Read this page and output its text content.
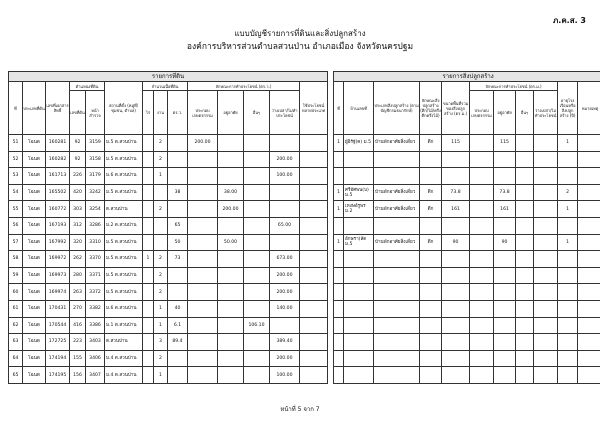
ภ.ค.ส. 3
แบบบัญชีรายการที่ดินและสิ่งปลูกสร้าง
องค์การบริหารส่วนตำบลสวนป่าน อำเภอเมือง จังหวัดนครปฐม
รายการที่ดิน															รายการสิ่งปลูกสร้าง										
ที่	ประเภทที่ดิน	เลขที่เอกสารสิทธิ์	ตำแหน่งที่ดิน		สถานที่ตั้ง (หมู่ที่/ชุมชน, ตำบล)	จำนวนเนื้อที่ดิน			ลักษณะการทำประโยชน์ (ตร.ว.)				ใช้ประโยชน์หลายประเภท		ที่	บ้านเลขที่	ประเภทสิ่งปลูกสร้าง (ตามบัญชีกรมธนารักษ์)	ลักษณะสิ่งปลูกสร้าง (ตึก/ไม้/ครึ่งตึกครึ่งไม้)	ขนาดพื้นที่รวมของสิ่งปลูกสร้าง (ตร.ม.)	ลักษณะการทำประโยชน์ (ตร.ม.)				อายุโรงเรือนหรือสิ่งปลูกสร้าง (ปี)	หมายเหตุ
			เลขที่ดิน	หน้าสำรวจ		ไร่	งาน	ตร.ว.	ประกอบเกษตรกรรม	อยู่อาศัย	อื่นๆ	ว่างเปล่า/ไม่ทำประโยชน์								ประกอบเกษตรกรรม	อยู่อาศัย	อื่นๆ	ว่างเปล่า/ไม่ทำประโยชน์		
51	โฉนด	160281	92	3159	ม.5 ต.สวนป่าน		2		200.00						1	ผู้อิรัฐ๋(ค) ม.5	บ้านพักอาศัยสิ่งเดี่ยว	ตึก	115		115			1	
52	โฉนด	160282	92	3158	ม.5 ต.สวนป่าน		2					200.00													
53	โฉนด	161713	226	3179	ม.6 ต.สวนป่าน		1					100.00													
54	โฉนด	165502	420	3242	ม.5 ต.สวนป่าน			38		38.00					1	ศรีอัศพน(บ) ม.5	บ้านพักอาศัยสิ่งเดี่ยว	ตึก	73.8		73.8			2	
55	โฉนด	160772	303	3254	ต.สวนป่าน		2			200.00					1	เหงษอ์รูพร ม.2	บ้านพักอาศัยสิ่งเดี่ยว	ตึก	161		161			1	
56	โฉนด	167193	312	3286	ม.2 ต.สวนป่าน			65				65.00													
57	โฉนด	167992	320	3310	ม.5 ต.สวนป่าน			50		50.00					1	อักษรา(ลัด ม.5	บ้านพักอาศัยสิ่งเดี่ยว	ตึก	90		90			1	
58	โฉนด	169972	262	3370	ม.5 ต.สวนป่าน	1	2	73				673.00													
59	โฉนด	169973	280	3371	ม.5 ต.สวนป่าน		2					200.00													
60	โฉนด	169974	263	3372	ม.5 ต.สวนป่าน		2					200.00													
61	โฉนด	170431	270	3382	ม.6 ต.สวนป่าน		1	40				140.00													
62	โฉนด	170544	416	3386	ม.1 ต.สวนป่าน		1	6.1			106.10														
63	โฉนด	172725	223	3403	ต.สวนป่าน		3	89.4				389.40													
64	โฉนด	174194	155	3406	ม.4 ต.สวนป่าน		2					200.00													
65	โฉนด	174195	156	3407	ม.4 ต.สวนป่าน		1					100.00													
หน้าที่ 5 จาก 7
